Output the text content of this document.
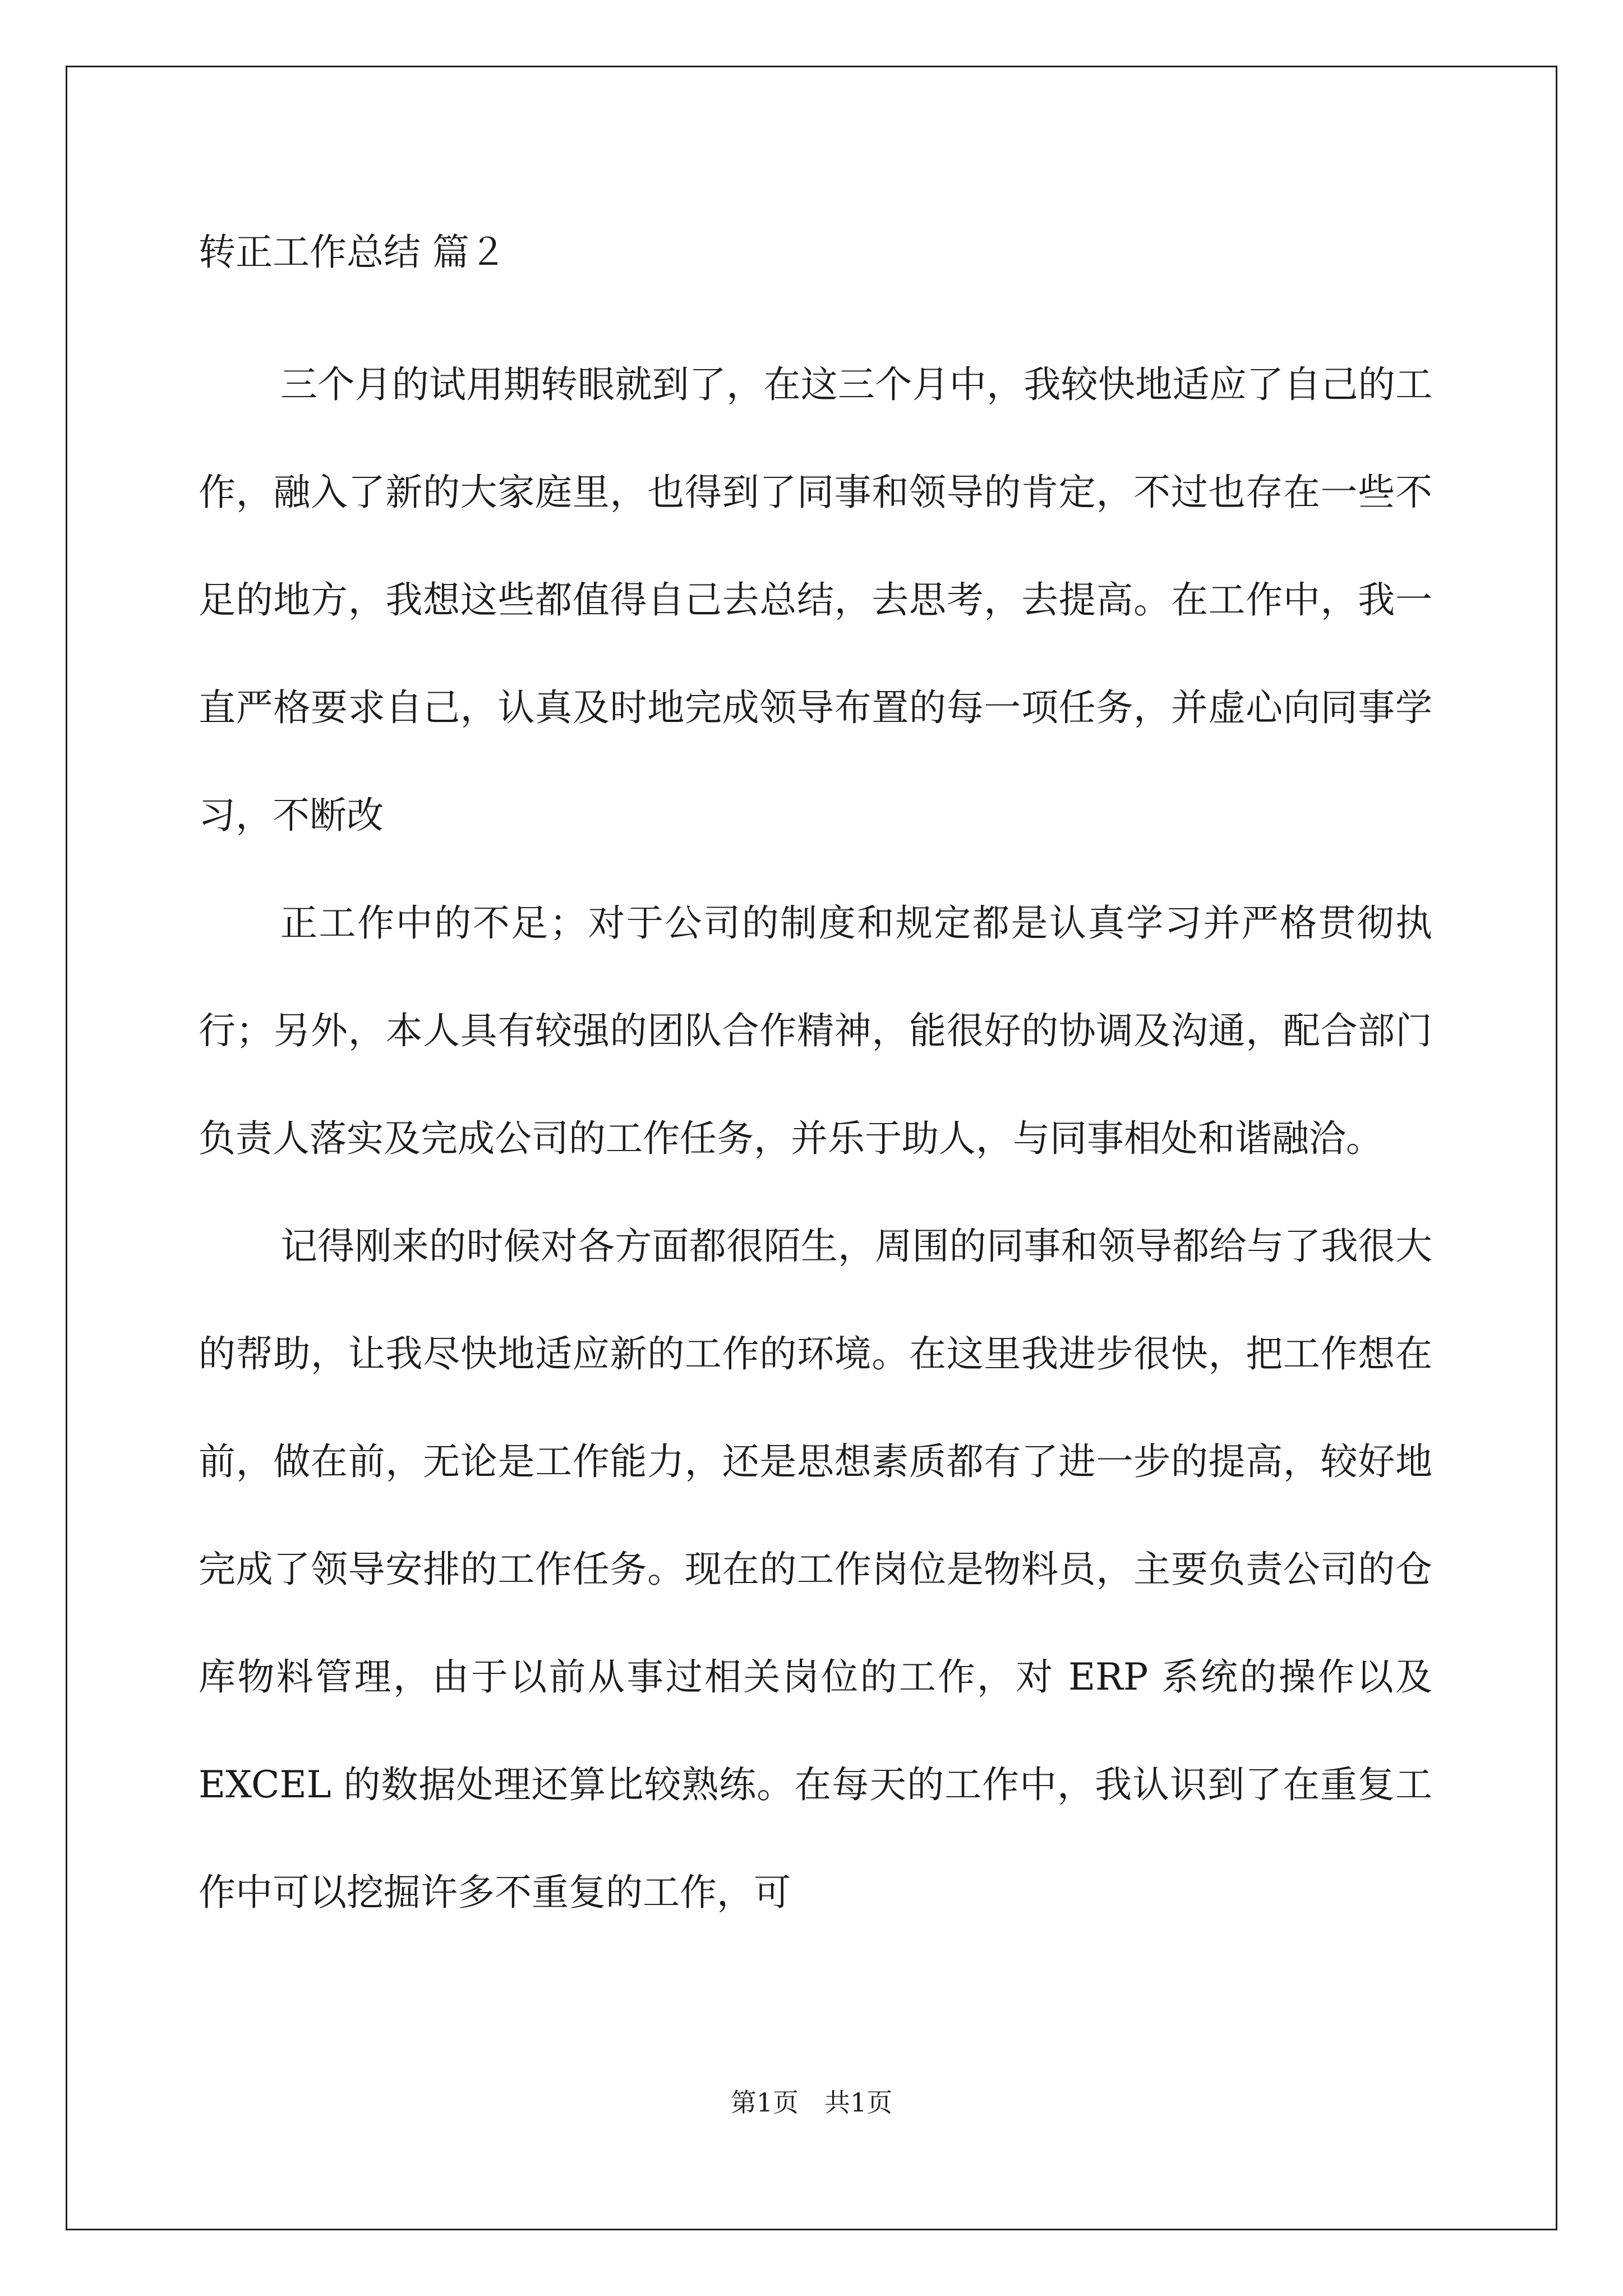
转正工作总结 篇２

三个月的试用期转眼就到了，在这三个月中，我较快地适应了自己的工作，融入了新的大家庭里，也得到了同事和领导的肯定，不过也存在一些不足的地方，我想这些都值得自己去总结，去思考，去提高。在工作中，我一直严格要求自己，认真及时地完成领导布置的每一项任务，并虚心向同事学习，不断改

正工作中的不足；对于公司的制度和规定都是认真学习并严格贯彻执行；另外，本人具有较强的团队合作精神，能很好的协调及沟通，配合部门负责人落实及完成公司的工作任务，并乐于助人，与同事相处和谐融洽。

记得刚来的时候对各方面都很陌生，周围的同事和领导都给与了我很大的帮助，让我尽快地适应新的工作的环境。在这里我进步很快，把工作想在前，做在前，无论是工作能力，还是思想素质都有了进一步的提高，较好地完成了领导安排的工作任务。现在的工作岗位是物料员，主要负责公司的仓库物料管理，由于以前从事过相关岗位的工作，对 ERP 系统的操作以及 EXCEL 的数据处理还算比较熟练。在每天的工作中，我认识到了在重复工作中可以挖掘许多不重复的工作，可

第1页　共1页
